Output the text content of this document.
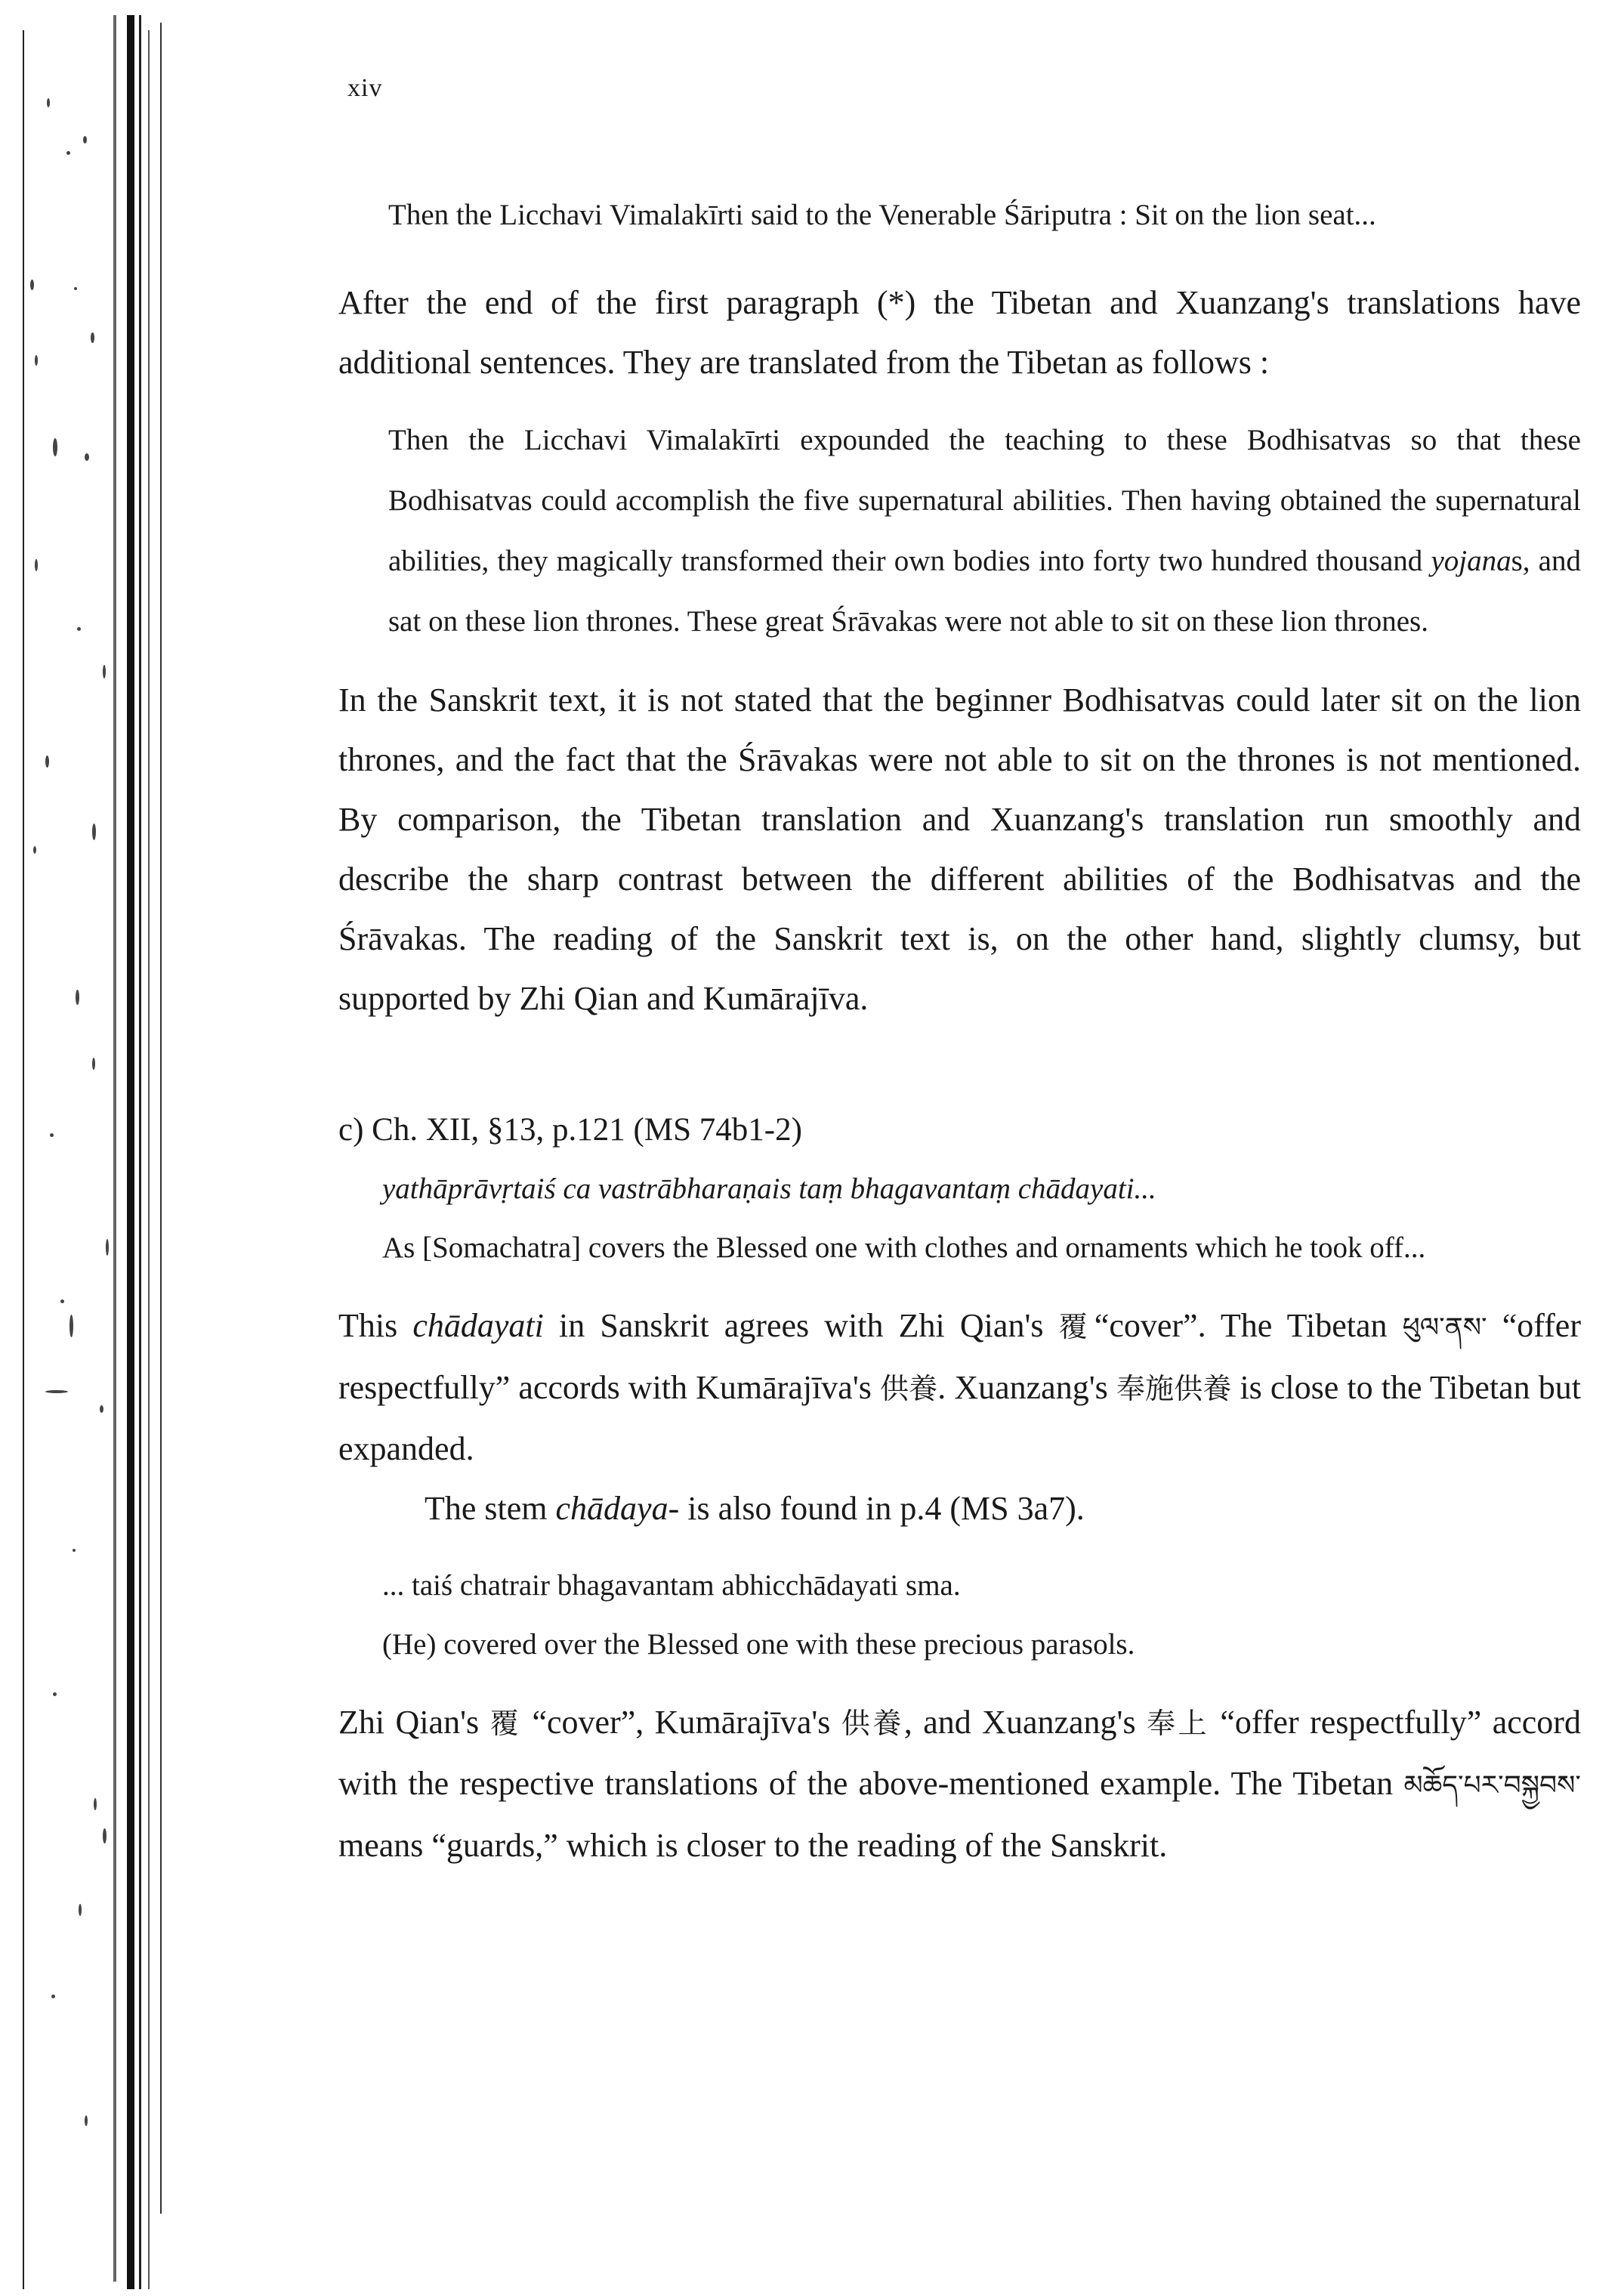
xiv

Then the Licchavi Vimalakīrti said to the Venerable Śāriputra : Sit on the lion seat...

After the end of the first paragraph (*) the Tibetan and Xuanzang's translations have additional sentences. They are translated from the Tibetan as follows :

Then the Licchavi Vimalakīrti expounded the teaching to these Bodhisatvas so that these Bodhisatvas could accomplish the five supernatural abilities. Then having obtained the supernatural abilities, they magically transformed their own bodies into forty two hundred thousand yojanas, and sat on these lion thrones. These great Śrāvakas were not able to sit on these lion thrones.

In the Sanskrit text, it is not stated that the beginner Bodhisatvas could later sit on the lion thrones, and the fact that the Śrāvakas were not able to sit on the thrones is not mentioned. By comparison, the Tibetan translation and Xuanzang's translation run smoothly and describe the sharp contrast between the different abilities of the Bodhisatvas and the Śrāvakas. The reading of the Sanskrit text is, on the other hand, slightly clumsy, but supported by Zhi Qian and Kumārajīva.

c) Ch. XII, §13, p.121 (MS 74b1-2)

yathāprāvṛtaiś ca vastrābharaṇais taṃ bhagavantaṃ chādayati...

As [Somachatra] covers the Blessed one with clothes and ornaments which he took off...

This chādayati in Sanskrit agrees with Zhi Qian's 覆“cover”. The Tibetan ཕུལ་ནས་ “offer respectfully” accords with Kumārajīva's 供養. Xuanzang's 奉施供養 is close to the Tibetan but expanded.

The stem chādaya- is also found in p.4 (MS 3a7).

... taiś chatrair bhagavantam abhicchādayati sma.

(He) covered over the Blessed one with these precious parasols.

Zhi Qian's 覆 “cover”, Kumārajīva's 供養, and Xuanzang's 奉上 “offer respectfully” accord with the respective translations of the above-mentioned example. The Tibetan མཆོད་པར་བསྐྱབས་ means “guards,” which is closer to the reading of the Sanskrit.
